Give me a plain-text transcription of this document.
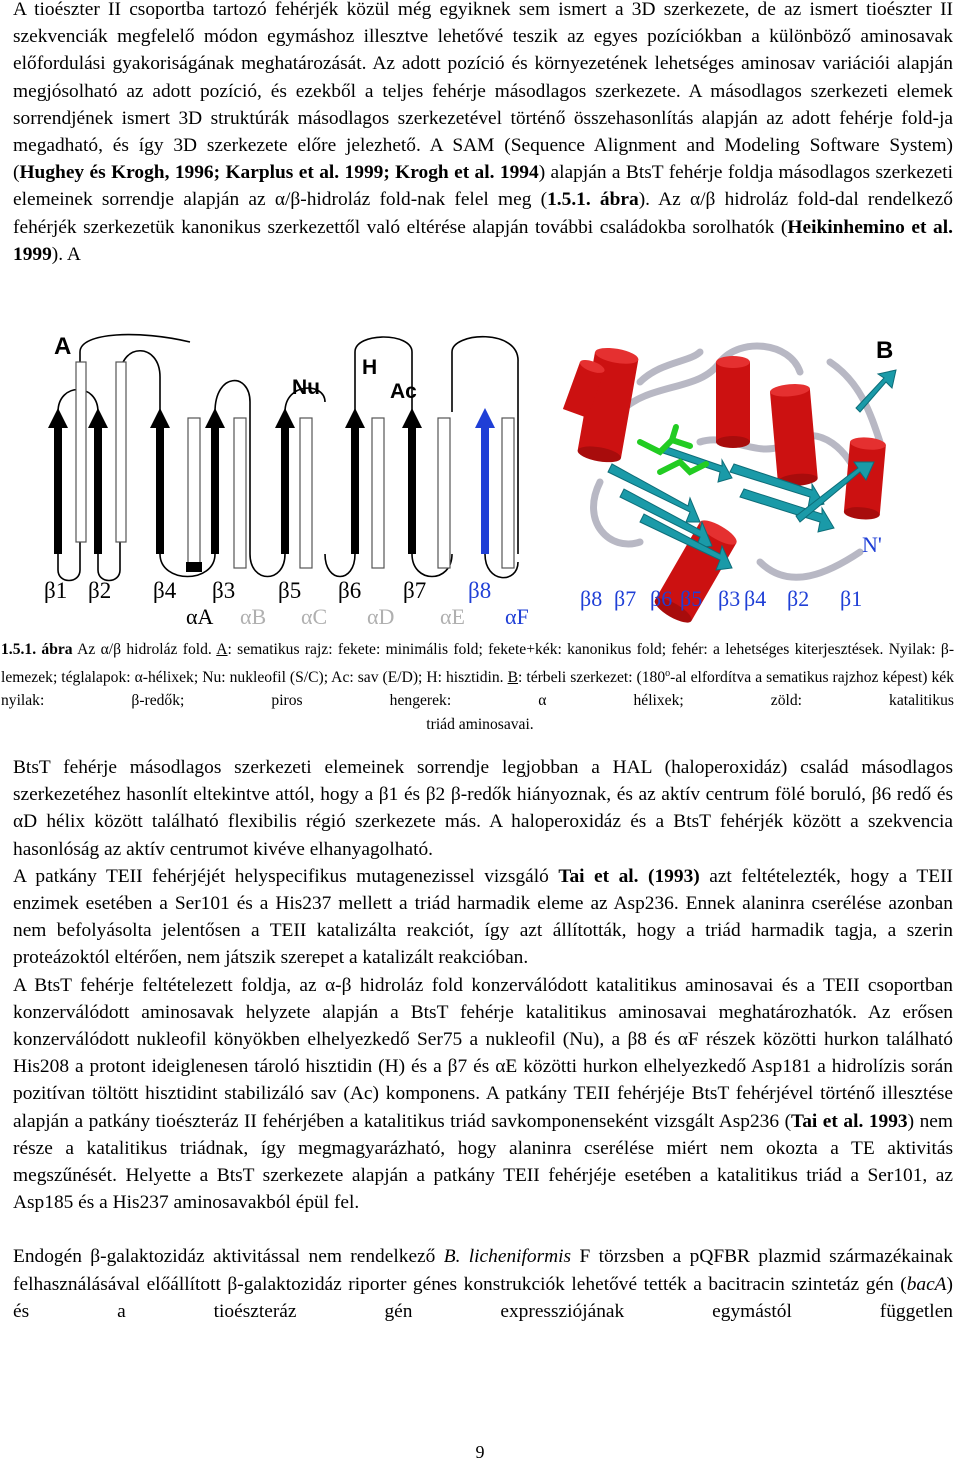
A tioészter II csoportba tartozó fehérjék közül még egyiknek sem ismert a 3D szerkezete, de az ismert tioészter II szekvenciák megfelelő módon egymáshoz illesztve lehetővé teszik az egyes pozíciókban a különböző aminosavak előfordulási gyakoriságának meghatározását. Az adott pozíció és környezetének lehetséges aminosav variációi alapján megjósolható az adott pozíció, és ezekből a teljes fehérje másodlagos szerkezete. A másodlagos szerkezeti elemek sorrendjének ismert 3D struktúrák másodlagos szerkezetével történő összehasonlítás alapján az adott fehérje fold-ja megadható, és így 3D szerkezete előre jelezhető. A SAM (Sequence Alignment and Modeling Software System) (Hughey és Krogh, 1996; Karplus et al. 1999; Krogh et al. 1994) alapján a BtsT fehérje foldja másodlagos szerkezeti elemeinek sorrendje alapján az α/β-hidroláz fold-nak felel meg (1.5.1. ábra). Az α/β hidroláz fold-dal rendelkező fehérjék szerkezetük kanonikus szerkezettől való eltérése alapján további családokba sorolhatók (Heikinhemino et al. 1999). A

A
Nu
H
Ac
β1 β2 β4 β3 β5 β6 β7 β8
αA αB αC αD αE αF
B
N'
β8 β7 β6 β5 β3 β4 β2 β1

1.5.1. ábra Az α/β hidroláz fold. A: sematikus rajz: fekete: minimális fold; fekete+kék: kanonikus fold; fehér: a lehetséges kiterjesztések. Nyilak: β-lemezek; téglalapok: α-hélixek; Nu: nukleofil (S/C); Ac: sav (E/D); H: hisztidin. B: térbeli szerkezet: (180$^o$-al elfordítva a sematikus rajzhoz képest) kék nyilak: β-redők; piros hengerek: α hélixek; zöld: katalitikus

triád aminosavai.

BtsT fehérje másodlagos szerkezeti elemeinek sorrendje legjobban a HAL (haloperoxidáz) család másodlagos szerkezetéhez hasonlít eltekintve attól, hogy a β1 és β2 β-redők hiányoznak, és az aktív centrum fölé boruló, β6 redő és αD hélix között található flexibilis régió szerkezete más. A haloperoxidáz és a BtsT fehérjék között a szekvencia hasonlóság az aktív centrumot kivéve elhanyagolható.

A patkány TEII fehérjéjét helyspecifikus mutagenezissel vizsgáló Tai et al. (1993) azt feltételezték, hogy a TEII enzimek esetében a Ser101 és a His237 mellett a triád harmadik eleme az Asp236. Ennek alaninra cserélése azonban nem befolyásolta jelentősen a TEII katalizálta reakciót, így azt állították, hogy a triád harmadik tagja, a szerin proteázoktól eltérően, nem játszik szerepet a katalizált reakcióban.

A BtsT fehérje feltételezett foldja, az α-β hidroláz fold konzerválódott katalitikus aminosavai és a TEII csoportban konzerválódott aminosavak helyzete alapján a BtsT fehérje katalitikus aminosavai meghatározhatók. Az erősen konzerválódott nukleofil könyökben elhelyezkedő Ser75 a nukleofil (Nu), a β8 és αF részek közötti hurkon található His208 a protont ideiglenesen tároló hisztidin (H) és a β7 és αE közötti hurkon elhelyezkedő Asp181 a hidrolízis során pozitívan töltött hisztidint stabilizáló sav (Ac) komponens. A patkány TEII fehérjéje BtsT fehérjével történő illesztése alapján a patkány tioészteráz II fehérjében a katalitikus triád savkomponenseként vizsgált Asp236 (Tai et al. 1993) nem része a katalitikus triádnak, így megmagyarázható, hogy alaninra cserélése miért nem okozta a TE aktivitás megszűnését. Helyette a BtsT szerkezete alapján a patkány TEII fehérjéje esetében a katalitikus triád a Ser101, az Asp185 és a His237 aminosavakból épül fel.

Endogén β-galaktozidáz aktivitással nem rendelkező B. licheniformis F törzsben a pQFBR plazmid származékainak felhasználásával előállított β-galaktozidáz riporter génes konstrukciók lehetővé tették a bacitracin szintetáz gén (bacA) és a tioészteráz gén expressziójának egymástól független

9
